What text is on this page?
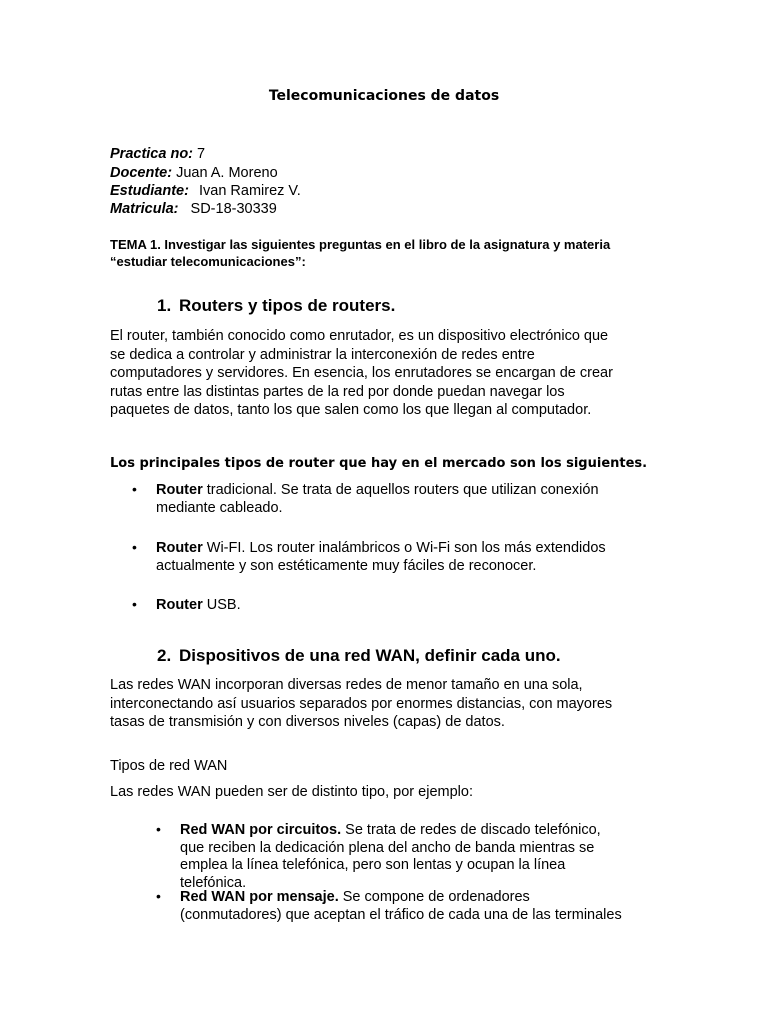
Telecomunicaciones de datos
Practica no: 7
Docente: Juan A. Moreno
Estudiante: Ivan Ramirez V.
Matricula: SD-18-30339
TEMA 1. Investigar las siguientes preguntas en el libro de la asignatura y materia
“estudiar telecomunicaciones”:
1. Routers y tipos de routers.
El router, también conocido como enrutador, es un dispositivo electrónico que
se dedica a controlar y administrar la interconexión de redes entre
computadores y servidores. En esencia, los enrutadores se encargan de crear
rutas entre las distintas partes de la red por donde puedan navegar los
paquetes de datos, tanto los que salen como los que llegan al computador.
Los principales tipos de router que hay en el mercado son los siguientes.
• Router tradicional. Se trata de aquellos routers que utilizan conexión
mediante cableado.
• Router Wi-FI. Los router inalámbricos o Wi-Fi son los más extendidos
actualmente y son estéticamente muy fáciles de reconocer.
• Router USB.
2. Dispositivos de una red WAN, definir cada uno.
Las redes WAN incorporan diversas redes de menor tamaño en una sola,
interconectando así usuarios separados por enormes distancias, con mayores
tasas de transmisión y con diversos niveles (capas) de datos.
Tipos de red WAN
Las redes WAN pueden ser de distinto tipo, por ejemplo:
• Red WAN por circuitos. Se trata de redes de discado telefónico,
que reciben la dedicación plena del ancho de banda mientras se
emplea la línea telefónica, pero son lentas y ocupan la línea
telefónica.
• Red WAN por mensaje. Se compone de ordenadores
(conmutadores) que aceptan el tráfico de cada una de las terminales
